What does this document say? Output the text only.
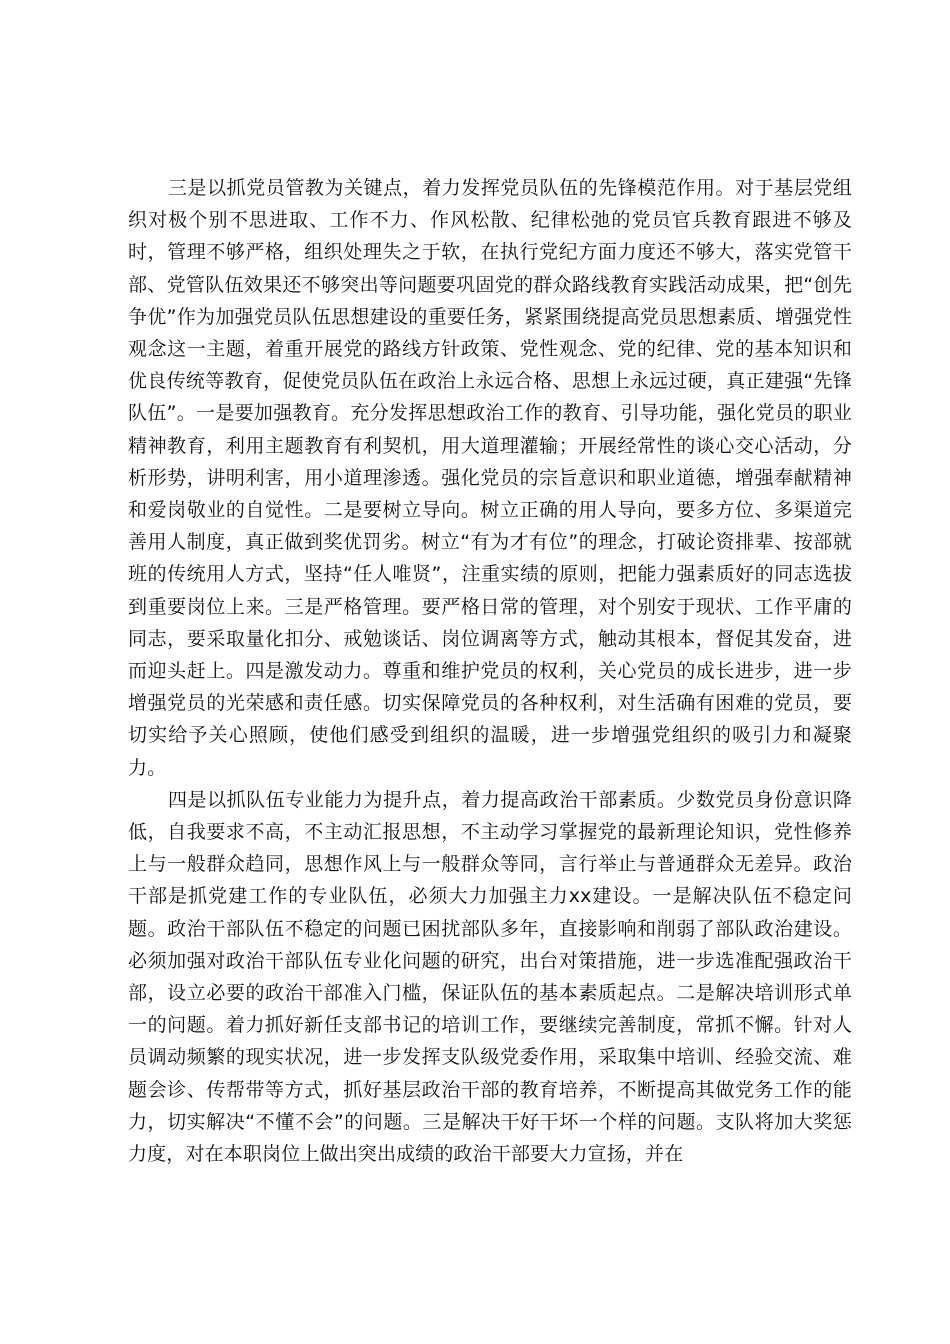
三是以抓党员管教为关键点，着力发挥党员队伍的先锋模范作用。对于基层党组织对极个别不思进取、工作不力、作风松散、纪律松弛的党员官兵教育跟进不够及时，管理不够严格，组织处理失之于软，在执行党纪方面力度还不够大，落实党管干部、党管队伍效果还不够突出等问题要巩固党的群众路线教育实践活动成果，把“创先争优”作为加强党员队伍思想建设的重要任务，紧紧围绕提高党员思想素质、增强党性观念这一主题，着重开展党的路线方针政策、党性观念、党的纪律、党的基本知识和优良传统等教育，促使党员队伍在政治上永远合格、思想上永远过硬，真正建强“先锋队伍”。一是要加强教育。充分发挥思想政治工作的教育、引导功能，强化党员的职业精神教育，利用主题教育有利契机，用大道理灌输；开展经常性的谈心交心活动，分析形势，讲明利害，用小道理渗透。强化党员的宗旨意识和职业道德，增强奉献精神和爱岗敬业的自觉性。二是要树立导向。树立正确的用人导向，要多方位、多渠道完善用人制度，真正做到奖优罚劣。树立“有为才有位”的理念，打破论资排辈、按部就班的传统用人方式，坚持“任人唯贤”，注重实绩的原则，把能力强素质好的同志选拔到重要岗位上来。三是严格管理。要严格日常的管理，对个别安于现状、工作平庸的同志，要采取量化扣分、戒勉谈话、岗位调离等方式，触动其根本，督促其发奋，进而迎头赶上。四是激发动力。尊重和维护党员的权利，关心党员的成长进步，进一步增强党员的光荣感和责任感。切实保障党员的各种权利，对生活确有困难的党员，要切实给予关心照顾，使他们感受到组织的温暖，进一步增强党组织的吸引力和凝聚力。

四是以抓队伍专业能力为提升点，着力提高政治干部素质。少数党员身份意识降低，自我要求不高，不主动汇报思想，不主动学习掌握党的最新理论知识，党性修养上与一般群众趋同，思想作风上与一般群众等同，言行举止与普通群众无差异。政治干部是抓党建工作的专业队伍，必须大力加强主力xx建设。一是解决队伍不稳定问题。政治干部队伍不稳定的问题已困扰部队多年，直接影响和削弱了部队政治建设。必须加强对政治干部队伍专业化问题的研究，出台对策措施，进一步选准配强政治干部，设立必要的政治干部准入门槛，保证队伍的基本素质起点。二是解决培训形式单一的问题。着力抓好新任支部书记的培训工作，要继续完善制度，常抓不懈。针对人员调动频繁的现实状况，进一步发挥支队级党委作用，采取集中培训、经验交流、难题会诊、传帮带等方式，抓好基层政治干部的教育培养，不断提高其做党务工作的能力，切实解决“不懂不会”的问题。三是解决干好干坏一个样的问题。支队将加大奖惩力度，对在本职岗位上做出突出成绩的政治干部要大力宣扬，并在
